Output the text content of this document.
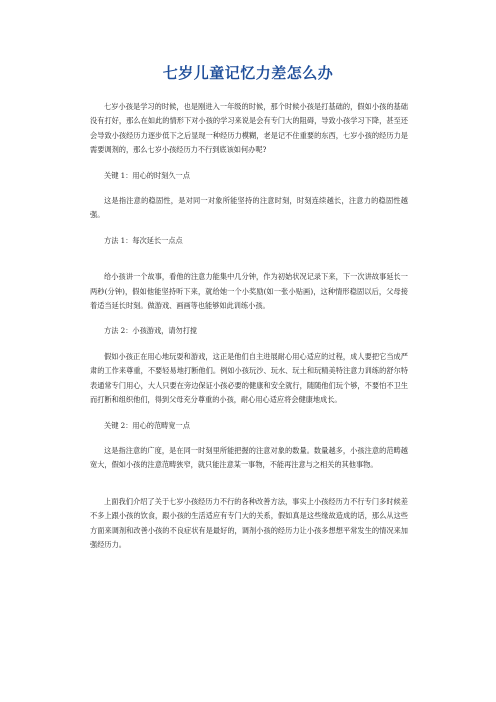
七岁儿童记忆力差怎么办

七岁小孩是学习的时候，也是刚进入一年级的时候，那个时候小孩是打基础的，假如小孩的基础没有打好，那么在如此的情形下对小孩的学习来说是会有专门大的阻碍，导致小孩学习下降，甚至还会导致小孩经历力逐步低下之后显现一种经历力模糊，老是记不住重要的东西，七岁小孩的经历力是需要调剂的，那么七岁小孩经历力不行到底该如何办呢?

关键 1：用心的时刻久一点

这是指注意的稳固性，是对同一对象所能坚持的注意时刻，时刻连续越长，注意力的稳固性越强。

方法 1：每次延长一点点

给小孩讲一个故事，看他的注意力能集中几分钟，作为初始状况记录下来，下一次讲故事延长一两秒(分钟)，假如他能坚持听下来，就给她一个小奖励(如一张小贴画)，这种情形稳固以后，父母接着适当延长时刻。做游戏、画画等也能够如此训练小孩。

方法 2：小孩游戏，请勿打搅

假如小孩正在用心地玩耍和游戏，这正是他们自主进展耐心用心适应的过程，成人要把它当成严肃的工作来尊重，不要轻易地打断他们。例如小孩玩沙、玩水、玩土和玩精美特注意力训练的舒尔特表通常专门用心，大人只要在旁边保证小孩必要的健康和安全就行，随随他们玩个够，不要怕不卫生而打断和组织他们，得到父母充分尊重的小孩，耐心用心适应将会健康地成长。

关键 2：用心的范畴宽一点

这是指注意的广度，是在同一时刻里所能把握的注意对象的数量。数量越多，小孩注意的范畴越宽大，假如小孩的注意范畴狭窄，就只能注意某一事物，不能再注意与之相关的其他事物。

上面我们介绍了关于七岁小孩经历力不行的各种改善方法，事实上小孩经历力不行专门多时候差不多上跟小孩的饮食，跟小孩的生活适应有专门大的关系，假如真是这些缘故造成的话，那么从这些方面来调剂和改善小孩的不良症状有是最好的，调剂小孩的经历力让小孩多想想平常发生的情况来加强经历力。
